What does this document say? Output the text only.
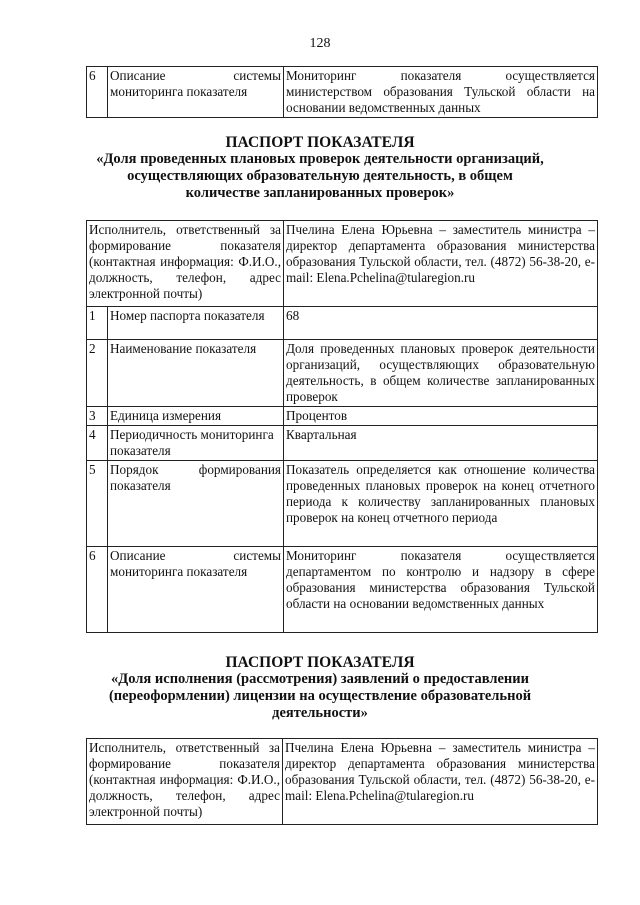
128
6	Описание системы мониторинга показателя	Мониторинг показателя осуществляется министерством образования Тульской области на основании ведомственных данных
ПАСПОРТ ПОКАЗАТЕЛЯ
«Доля проведенных плановых проверок деятельности организаций, осуществляющих образовательную деятельность, в общем количестве запланированных проверок»
Исполнитель, ответственный за формирование показателя (контактная информация: Ф.И.О., должность, телефон, адрес электронной почты)		Пчелина Елена Юрьевна – заместитель министра – директор департамента образования министерства образования Тульской области, тел. (4872) 56-38-20, e-mail: Elena.Pchelina@tularegion.ru
1	Номер паспорта показателя	68
2	Наименование показателя	Доля проведенных плановых проверок деятельности организаций, осуществляющих образовательную деятельность, в общем количестве запланированных проверок
3	Единица измерения	Процентов
4	Периодичность мониторинга показателя	Квартальная
5	Порядок формирования показателя	Показатель определяется как отношение количества проведенных плановых проверок на конец отчетного периода к количеству запланированных плановых проверок на конец отчетного периода
6	Описание системы мониторинга показателя	Мониторинг показателя осуществляется департаментом по контролю и надзору в сфере образования министерства образования Тульской области на основании ведомственных данных
ПАСПОРТ ПОКАЗАТЕЛЯ
«Доля исполнения (рассмотрения) заявлений о предоставлении (переоформлении) лицензии на осуществление образовательной деятельности»
Исполнитель, ответственный за формирование показателя (контактная информация: Ф.И.О., должность, телефон, адрес электронной почты)	Пчелина Елена Юрьевна – заместитель министра – директор департамента образования министерства образования Тульской области, тел. (4872) 56-38-20, e-mail: Elena.Pchelina@tularegion.ru
